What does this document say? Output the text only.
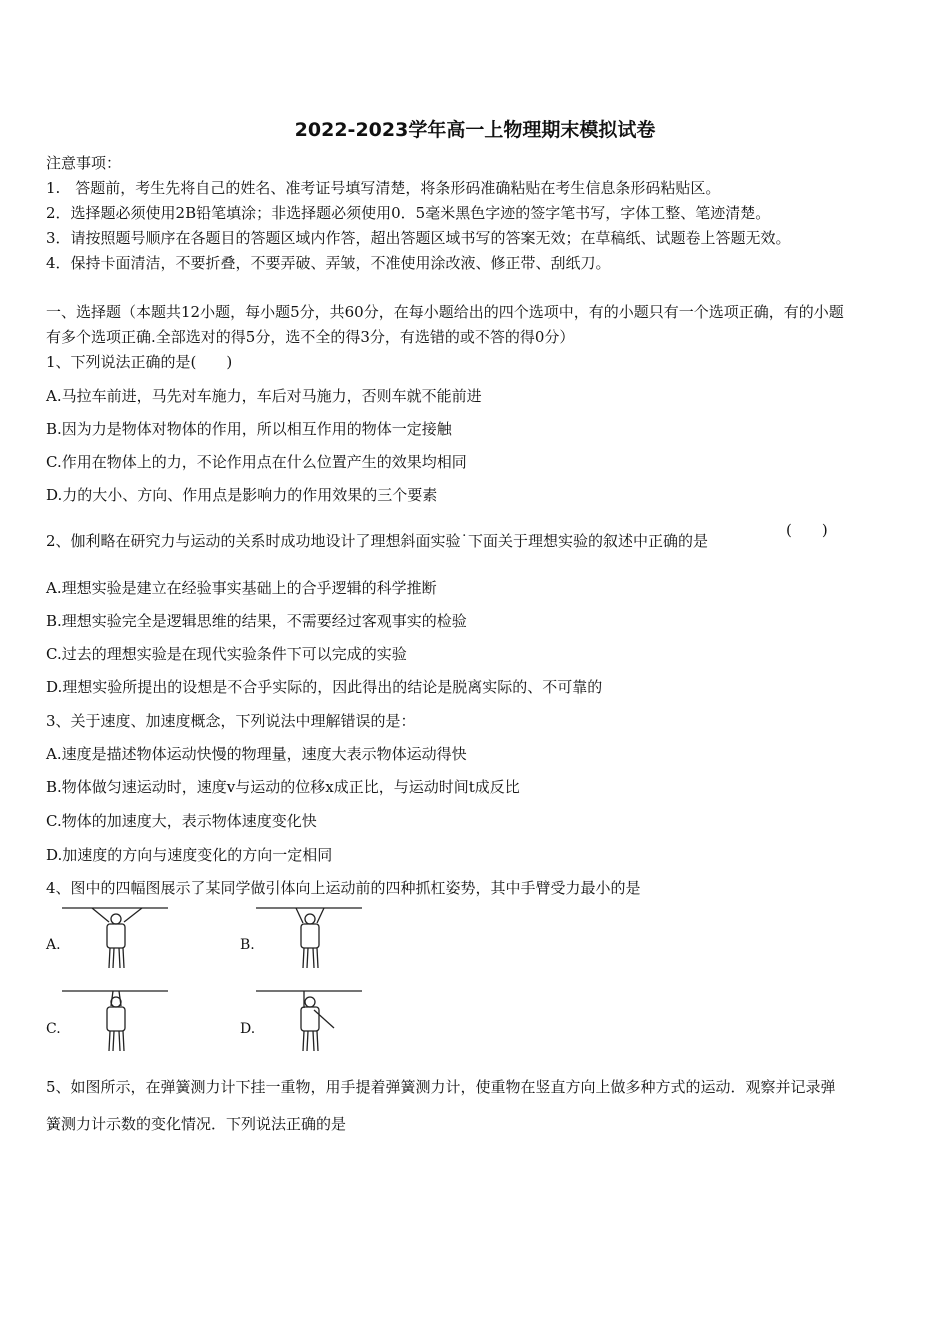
2022-2023学年高一上物理期末模拟试卷
注意事项：
1.　答题前，考生先将自己的姓名、准考证号填写清楚，将条形码准确粘贴在考生信息条形码粘贴区。
2．选择题必须使用2B铅笔填涂；非选择题必须使用0．5毫米黑色字迹的签字笔书写，字体工整、笔迹清楚。
3．请按照题号顺序在各题目的答题区域内作答，超出答题区域书写的答案无效；在草稿纸、试题卷上答题无效。
4．保持卡面清洁，不要折叠，不要弄破、弄皱，不准使用涂改液、修正带、刮纸刀。
一、选择题（本题共12小题，每小题5分，共60分，在每小题给出的四个选项中，有的小题只有一个选项正确，有的小题
有多个选项正确.全部选对的得5分，选不全的得3分，有选错的或不答的得0分）
1、下列说法正确的是(　　)
A.马拉车前进，马先对车施力，车后对马施力，否则车就不能前进
B.因为力是物体对物体的作用，所以相互作用的物体一定接触
C.作用在物体上的力，不论作用点在什么位置产生的效果均相同
D.力的大小、方向、作用点是影响力的作用效果的三个要素
2、伽利略在研究力与运动的关系时成功地设计了理想斜面实验˙下面关于理想实验的叙述中正确的是
(　　)
A.理想实验是建立在经验事实基础上的合乎逻辑的科学推断
B.理想实验完全是逻辑思维的结果，不需要经过客观事实的检验
C.过去的理想实验是在现代实验条件下可以完成的实验
D.理想实验所提出的设想是不合乎实际的，因此得出的结论是脱离实际的、不可靠的
3、关于速度、加速度概念，下列说法中理解错误的是：
A.速度是描述物体运动快慢的物理量，速度大表示物体运动得快
B.物体做匀速运动时，速度v与运动的位移x成正比，与运动时间t成反比
C.物体的加速度大，表示物体速度变化快
D.加速度的方向与速度变化的方向一定相同
4、图中的四幅图展示了某同学做引体向上运动前的四种抓杠姿势，其中手臂受力最小的是
A.	B.
C.	D.
5、如图所示，在弹簧测力计下挂一重物，用手提着弹簧测力计，使重物在竖直方向上做多种方式的运动．观察并记录弹
簧测力计示数的变化情况．下列说法正确的是
